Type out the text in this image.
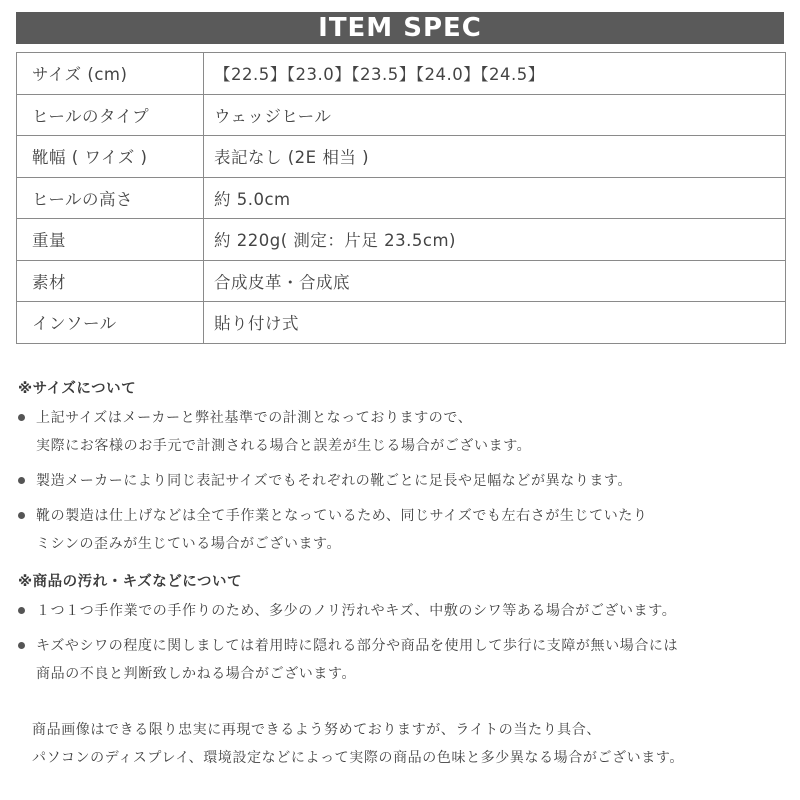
ITEM SPEC
サイズ (cm)	【22.5】【23.0】【23.5】【24.0】【24.5】
ヒールのタイプ	ウェッジヒール
靴幅 ( ワイズ )	表記なし (2E 相当 )
ヒールの高さ	約 5.0cm
重量	約 220g( 測定：片足 23.5cm)
素材	合成皮革・合成底
インソール	貼り付け式
※サイズについて
上記サイズはメーカーと弊社基準での計測となっておりますので、
実際にお客様のお手元で計測される場合と誤差が生じる場合がございます。
製造メーカーにより同じ表記サイズでもそれぞれの靴ごとに足長や足幅などが異なります。
靴の製造は仕上げなどは全て手作業となっているため、同じサイズでも左右さが生じていたり
ミシンの歪みが生じている場合がございます。
※商品の汚れ・キズなどについて
１つ１つ手作業での手作りのため、多少のノリ汚れやキズ、中敷のシワ等ある場合がございます。
キズやシワの程度に関しましては着用時に隠れる部分や商品を使用して歩行に支障が無い場合には
商品の不良と判断致しかねる場合がございます。
商品画像はできる限り忠実に再現できるよう努めておりますが、ライトの当たり具合、
パソコンのディスプレイ、環境設定などによって実際の商品の色味と多少異なる場合がございます。
